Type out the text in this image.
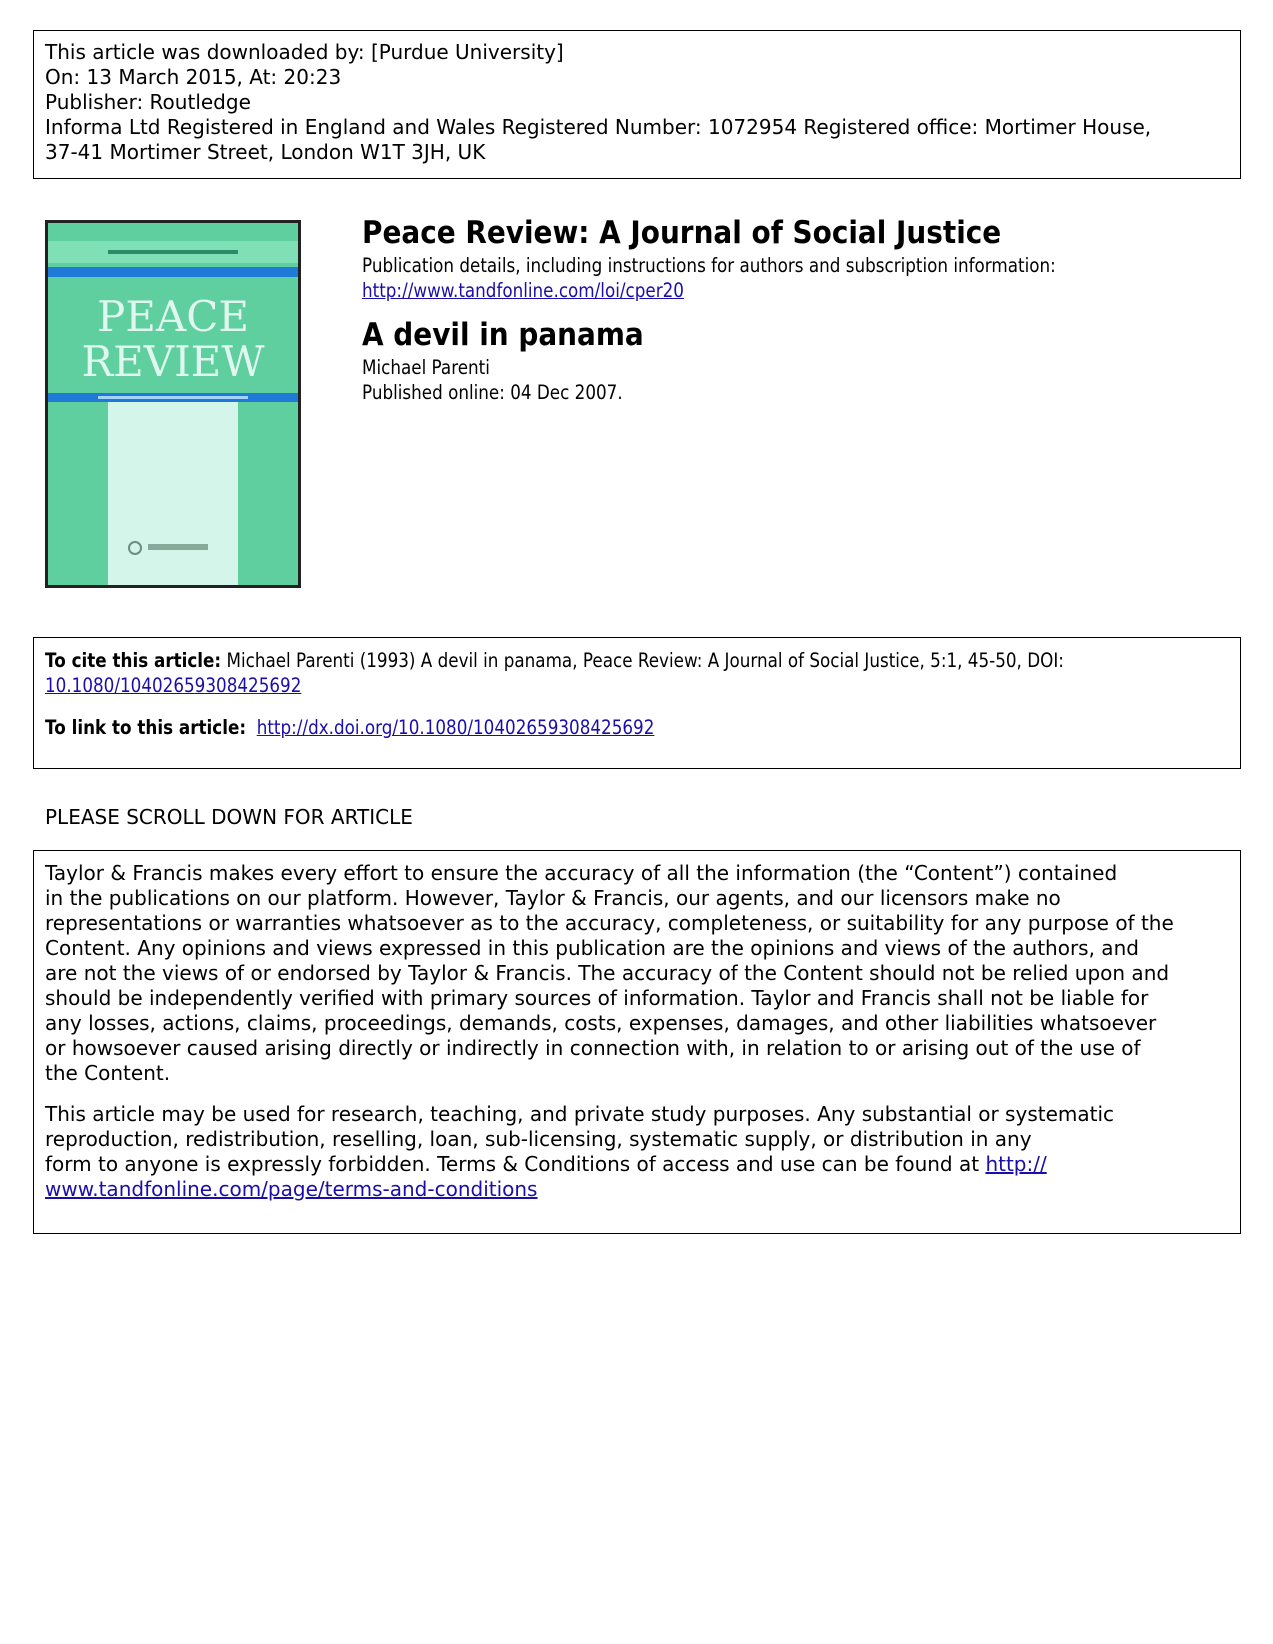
This article was downloaded by: [Purdue University]
On: 13 March 2015, At: 20:23
Publisher: Routledge
Informa Ltd Registered in England and Wales Registered Number: 1072954 Registered office: Mortimer House,
37-41 Mortimer Street, London W1T 3JH, UK
PEACE
REVIEW
Peace Review: A Journal of Social Justice
Publication details, including instructions for authors and subscription information:
http://www.tandfonline.com/loi/cper20
A devil in panama
Michael Parenti
Published online: 04 Dec 2007.
To cite this article: Michael Parenti (1993) A devil in panama, Peace Review: A Journal of Social Justice, 5:1, 45-50, DOI:
10.1080/10402659308425692
To link to this article: http://dx.doi.org/10.1080/10402659308425692
PLEASE SCROLL DOWN FOR ARTICLE
Taylor & Francis makes every effort to ensure the accuracy of all the information (the “Content”) contained
in the publications on our platform. However, Taylor & Francis, our agents, and our licensors make no
representations or warranties whatsoever as to the accuracy, completeness, or suitability for any purpose of the
Content. Any opinions and views expressed in this publication are the opinions and views of the authors, and
are not the views of or endorsed by Taylor & Francis. The accuracy of the Content should not be relied upon and
should be independently verified with primary sources of information. Taylor and Francis shall not be liable for
any losses, actions, claims, proceedings, demands, costs, expenses, damages, and other liabilities whatsoever
or howsoever caused arising directly or indirectly in connection with, in relation to or arising out of the use of
the Content.
This article may be used for research, teaching, and private study purposes. Any substantial or systematic
reproduction, redistribution, reselling, loan, sub-licensing, systematic supply, or distribution in any
form to anyone is expressly forbidden. Terms & Conditions of access and use can be found at http://
www.tandfonline.com/page/terms-and-conditions
